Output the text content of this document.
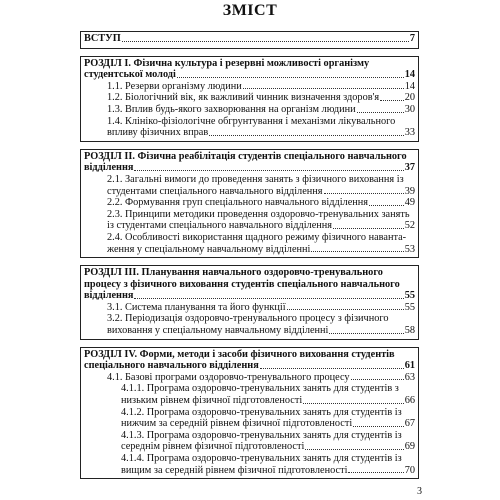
ЗМІСТ
ВСТУП	7
РОЗДІЛ І. Фізична культура і резервні можливості організму
студентської молоді	14
1.1. Резерви організму людини	14
1.2. Біологічний вік, як важливий чинник визначення здоров'я 20
1.3. Вплив будь-якого захворювання на організм людини	30
1.4. Клініко-фізіологічне обгрунтування і механізми лікувального
впливу фізичних вправ	33
РОЗДІЛ ІІ. Фізична реабілітація студентів спеціального навчального
відділення	37
2.1. Загальні вимоги до проведення занять з фізичного виховання із
студентами спеціального навчального відділення	39
2.2. Формування груп спеціального навчального відділення	49
2.3. Принципи методики проведення оздоровчо-тренувальних занять
із студентами спеціального навчального відділення	52
2.4. Особливості використання щадного режиму фізичного наванта-
ження у спеціальному навчальному відділенні	53
РОЗДІЛ ІІІ. Планування навчального оздоровчо-тренувального
процесу з фізичного виховання студентів спеціального навчального
відділення	55
3.1. Система планування та його функції	55
3.2. Періодизація оздоровчо-тренувального процесу з фізичного
виховання у спеціальному навчальному відділенні	58
РОЗДІЛ IV. Форми, методи і засоби фізичного виховання студентів
спеціального навчального відділення	61
4.1. Базові програми оздоровчо-тренувального процесу	63
4.1.1. Програма оздоровчо-тренувальних занять для студентів з
низьким рівнем фізичної підготовленості	66
4.1.2. Програма оздоровчо-тренувальних занять для студентів із
нижчим за середній рівнем фізичної підготовленості	67
4.1.3. Програма оздоровчо-тренувальних занять для студентів із
середнім рівнем фізичної підготовленості	69
4.1.4. Програма оздоровчо-тренувальних занять для студентів із
вищим за середній рівнем фізичної підготовленості	70
3
